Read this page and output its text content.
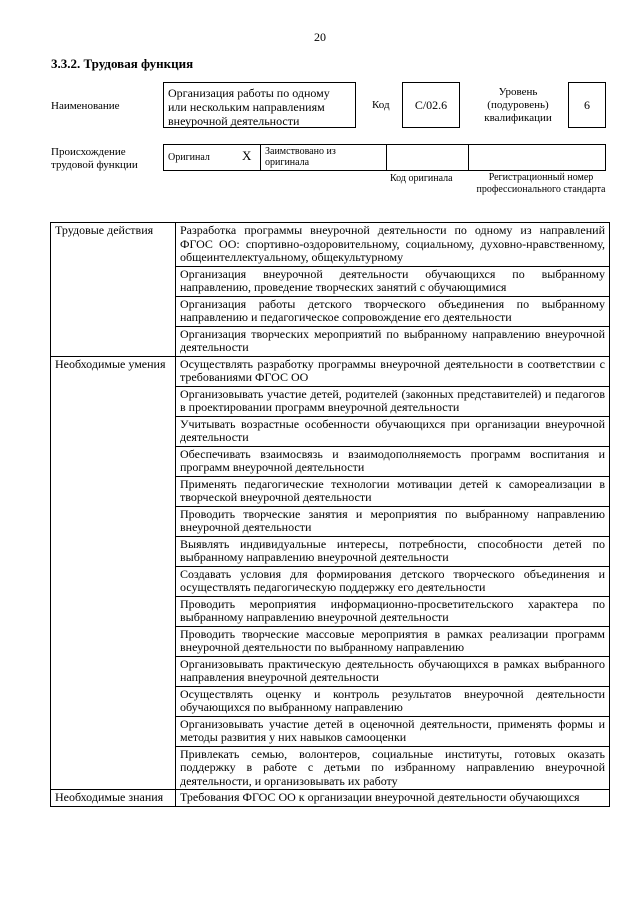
20
3.3.2. Трудовая функция
Наименование
Организация работы по одному или нескольким направлениям внеурочной деятельности
Код	C/02.6
Уровень (подуровень) квалификации
6
Происхождение трудовой функции
Оригинал X	Заимствовано из оригинала
Код оригинала	Регистрационный номер профессионального стандарта
Трудовые действия	Разработка программы внеурочной деятельности по одному из направлений ФГОС ОО: спортивно-оздоровительному, социальному, духовно-нравственному, общеинтеллектуальному, общекультурному
	Организация внеурочной деятельности обучающихся по выбранному направлению, проведение творческих занятий с обучающимися
	Организация работы детского творческого объединения по выбранному направлению и педагогическое сопровождение его деятельности
	Организация творческих мероприятий по выбранному направлению внеурочной деятельности
Необходимые умения	Осуществлять разработку программы внеурочной деятельности в соответствии с требованиями ФГОС ОО
	Организовывать участие детей, родителей (законных представителей) и педагогов в проектировании программ внеурочной деятельности
	Учитывать возрастные особенности обучающихся при организации внеурочной деятельности
	Обеспечивать взаимосвязь и взаимодополняемость программ воспитания и программ внеурочной деятельности
	Применять педагогические технологии мотивации детей к самореализации в творческой внеурочной деятельности
	Проводить творческие занятия и мероприятия по выбранному направлению внеурочной деятельности
	Выявлять индивидуальные интересы, потребности, способности детей по выбранному направлению внеурочной деятельности
	Создавать условия для формирования детского творческого объединения и осуществлять педагогическую поддержку его деятельности
	Проводить мероприятия информационно-просветительского характера по выбранному направлению внеурочной деятельности
	Проводить творческие массовые мероприятия в рамках реализации программ внеурочной деятельности по выбранному направлению
	Организовывать практическую деятельность обучающихся в рамках выбранного направления внеурочной деятельности
	Осуществлять оценку и контроль результатов внеурочной деятельности обучающихся по выбранному направлению
	Организовывать участие детей в оценочной деятельности, применять формы и методы развития у них навыков самооценки
	Привлекать семью, волонтеров, социальные институты, готовых оказать поддержку в работе с детьми по избранному направлению внеурочной деятельности, и организовывать их работу
Необходимые знания	Требования ФГОС ОО к организации внеурочной деятельности обучающихся
